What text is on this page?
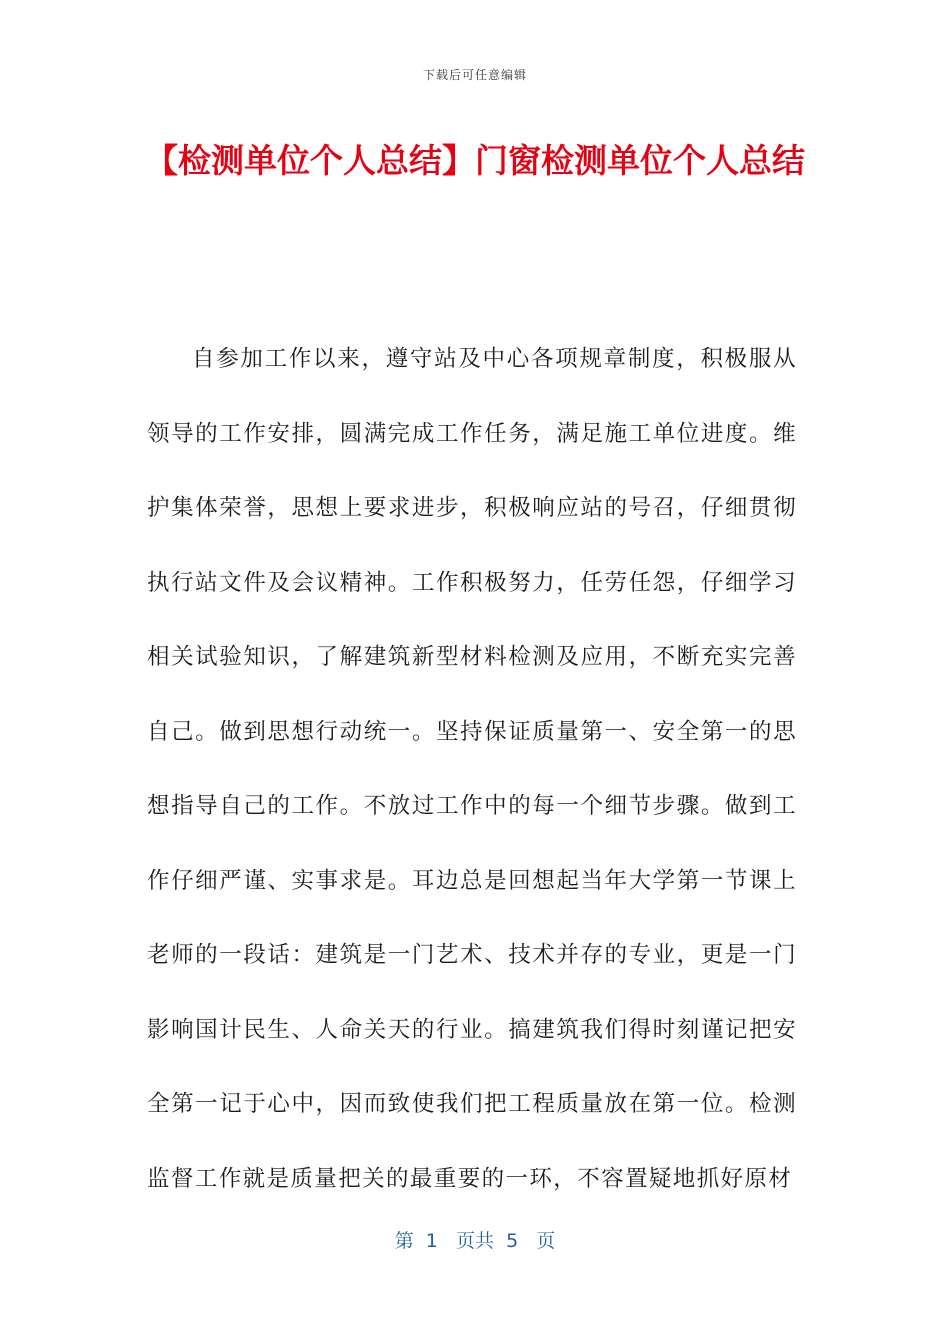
下载后可任意编辑
【检测单位个人总结】门窗检测单位个人总结

自参加工作以来，遵守站及中心各项规章制度，积极服从领导的工作安排，圆满完成工作任务，满足施工单位进度。维护集体荣誉，思想上要求进步，积极响应站的号召，仔细贯彻执行站文件及会议精神。工作积极努力，任劳任怨，仔细学习相关试验知识，了解建筑新型材料检测及应用，不断充实完善自己。做到思想行动统一。坚持保证质量第一、安全第一的思想指导自己的工作。不放过工作中的每一个细节步骤。做到工作仔细严谨、实事求是。耳边总是回想起当年大学第一节课上老师的一段话：建筑是一门艺术、技术并存的专业，更是一门影响国计民生、人命关天的行业。搞建筑我们得时刻谨记把安全第一记于心中，因而致使我们把工程质量放在第一位。检测监督工作就是质量把关的最重要的一环，不容置疑地抓好原材

第  1   页共  5   页
